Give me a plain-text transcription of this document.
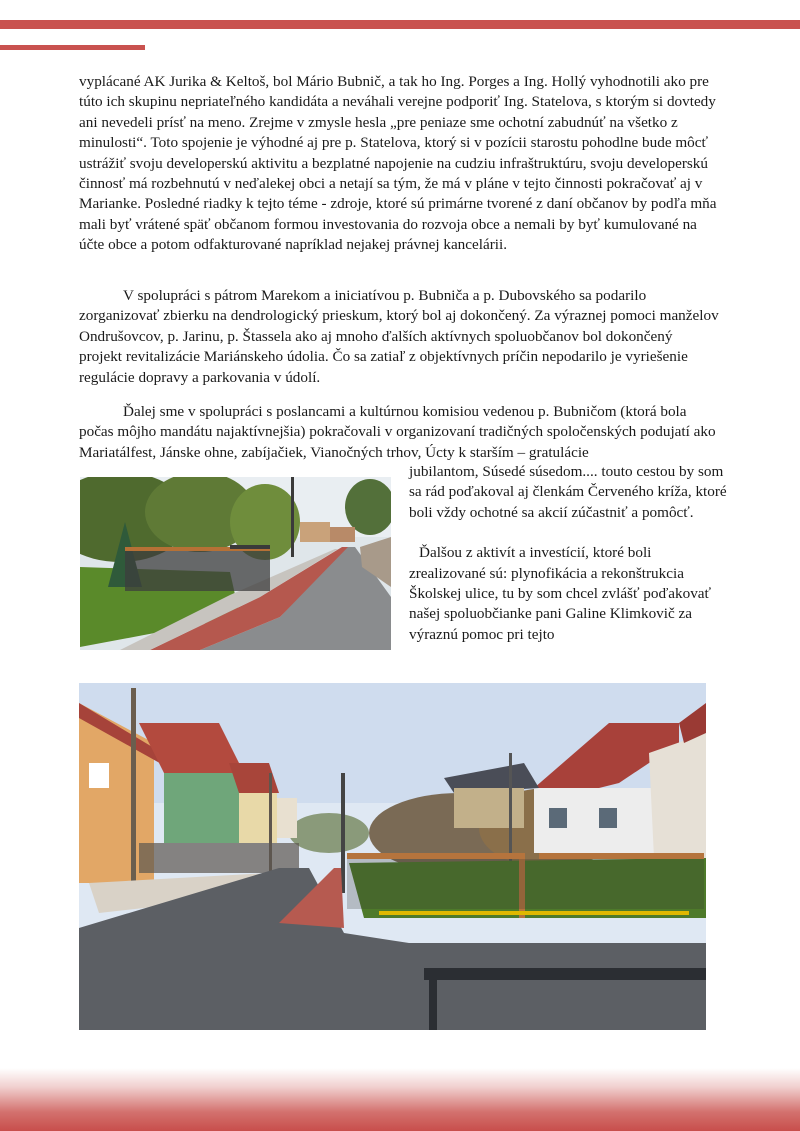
vyplácané AK Jurika & Keltoš, bol Mário Bubnič, a tak ho Ing. Porges a Ing. Hollý vyhodnotili ako pre túto ich skupinu nepriateľného kandidáta a neváhali verejne podporiť Ing. Statelova, s ktorým si dovtedy ani nevedeli prísť na meno. Zrejme v zmysle hesla „pre peniaze sme ochotní zabudnúť na všetko z minulosti“. Toto spojenie je výhodné aj pre p. Statelova, ktorý si v pozícii starostu pohodlne bude môcť ustrážiť svoju developerskú aktivitu a bezplatné napojenie na cudziu infraštruktúru, svoju developerskú činnosť má rozbehnutú v neďalekej obci a netají sa tým, že má v pláne v tejto činnosti pokračovať aj v Marianke. Posledné riadky k tejto téme - zdroje, ktoré sú primárne tvorené z daní občanov by podľa mňa mali byť vrátené späť občanom formou investovania do rozvoja obce a nemali by byť kumulované na účte obce a potom odfakturované napríklad nejakej právnej kancelárii.

V spolupráci s pátrom Marekom a iniciatívou p. Bubniča a p. Dubovského sa podarilo zorganizovať zbierku na dendrologický prieskum, ktorý bol aj dokončený. Za výraznej pomoci manželov Ondrušovcov, p. Jarinu, p. Štassela ako aj mnoho ďalších aktívnych spoluobčanov bol dokončený projekt revitalizácie Mariánskeho údolia. Čo sa zatiaľ z objektívnych príčin nepodarilo je vyriešenie regulácie dopravy a parkovania v údolí.

Ďalej sme v spolupráci s poslancami a kultúrnou komisiou vedenou p. Bubničom (ktorá bola počas môjho mandátu najaktívnejšia) pokračovali v organizovaní tradičných spoločenských podujatí ako Mariatálfest, Jánske ohne, zabíjačiek, Vianočných trhov, Úcty k starším – gratulácie

jubilantom, Súsedé súsedom.... touto cestou by som sa rád poďakoval aj členkám Červeného kríža, ktoré boli vždy ochotné sa akcií zúčastniť a pomôcť.

Ďalšou z aktivít a investícií, ktoré boli zrealizované sú: plynofikácia a rekonštrukcia Školskej ulice, tu by som chcel zvlášť poďakovať našej spoluobčianke pani Galine Klimkovič za výraznú pomoc pri tejto
